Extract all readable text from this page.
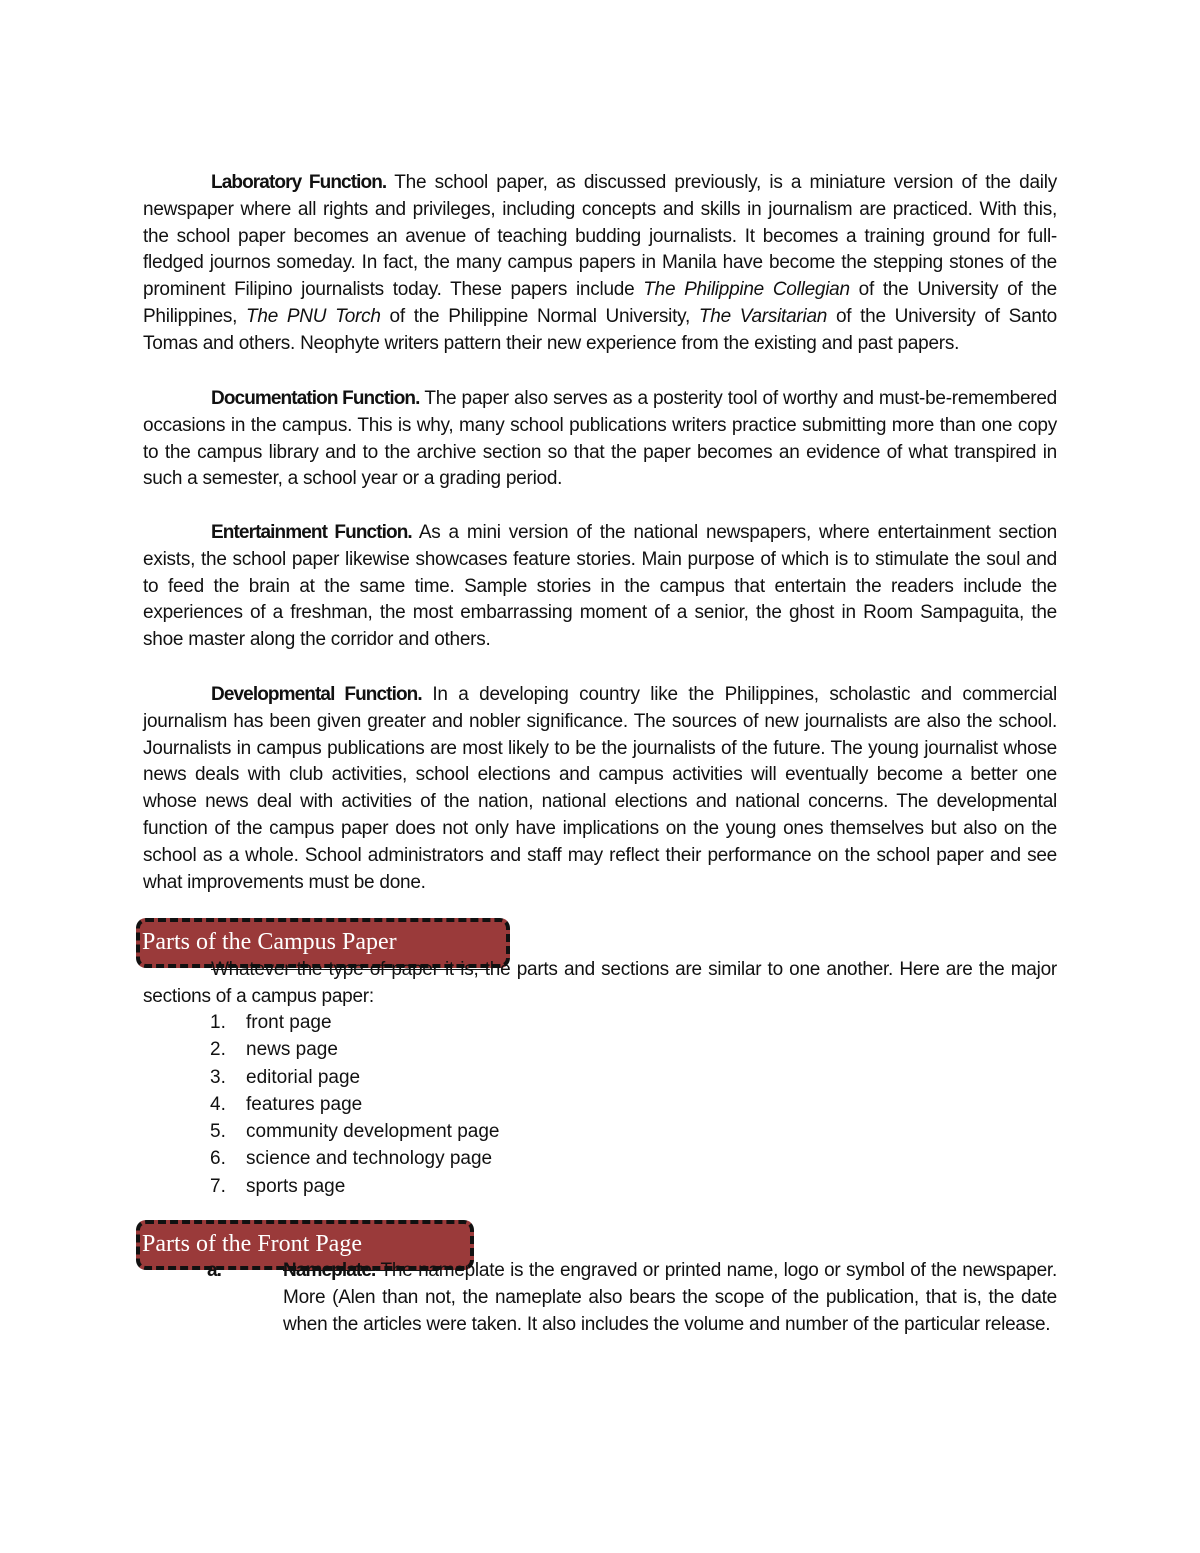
Laboratory Function. The school paper, as discussed previously, is a miniature version of the daily newspaper where all rights and privileges, including concepts and skills in journalism are practiced. With this, the school paper becomes an avenue of teaching budding journalists. It becomes a training ground for full-fledged journos someday. In fact, the many campus papers in Manila have become the stepping stones of the prominent Filipino journalists today. These papers include The Philippine Collegian of the University of the Philippines, The PNU Torch of the Philippine Normal University, The Varsitarian of the University of Santo Tomas and others. Neophyte writers pattern their new experience from the existing and past papers.

Documentation Function. The paper also serves as a posterity tool of worthy and must-be-remembered occasions in the campus. This is why, many school publications writers practice submitting more than one copy to the campus library and to the archive section so that the paper becomes an evidence of what transpired in such a semester, a school year or a grading period.

Entertainment Function. As a mini version of the national newspapers, where entertainment section exists, the school paper likewise showcases feature stories. Main purpose of which is to stimulate the soul and to feed the brain at the same time. Sample stories in the campus that entertain the readers include the experiences of a freshman, the most embarrassing moment of a senior, the ghost in Room Sampaguita, the shoe master along the corridor and others.

Developmental Function. In a developing country like the Philippines, scholastic and commercial journalism has been given greater and nobler significance. The sources of new journalists are also the school. Journalists in campus publications are most likely to be the journalists of the future. The young journalist whose news deals with club activities, school elections and campus activities will eventually become a better one whose news deal with activities of the nation, national elections and national concerns. The developmental function of the campus paper does not only have implications on the young ones themselves but also on the school as a whole. School administrators and staff may reflect their performance on the school paper and see what improvements must be done.

Parts of the Campus Paper

Whatever the type of paper it is, the parts and sections are similar to one another. Here are the major sections of a campus paper:

1. front page
2. news page
3. editorial page
4. features page
5. community development page
6. science and technology page
7. sports page
Parts of the Front Page

a.	Nameplate. The nameplate is the engraved or printed name, logo or symbol of the newspaper. More (Alen than not, the nameplate also bears the scope of the publication, that is, the date when the articles were taken. It also includes the volume and number of the particular release.
